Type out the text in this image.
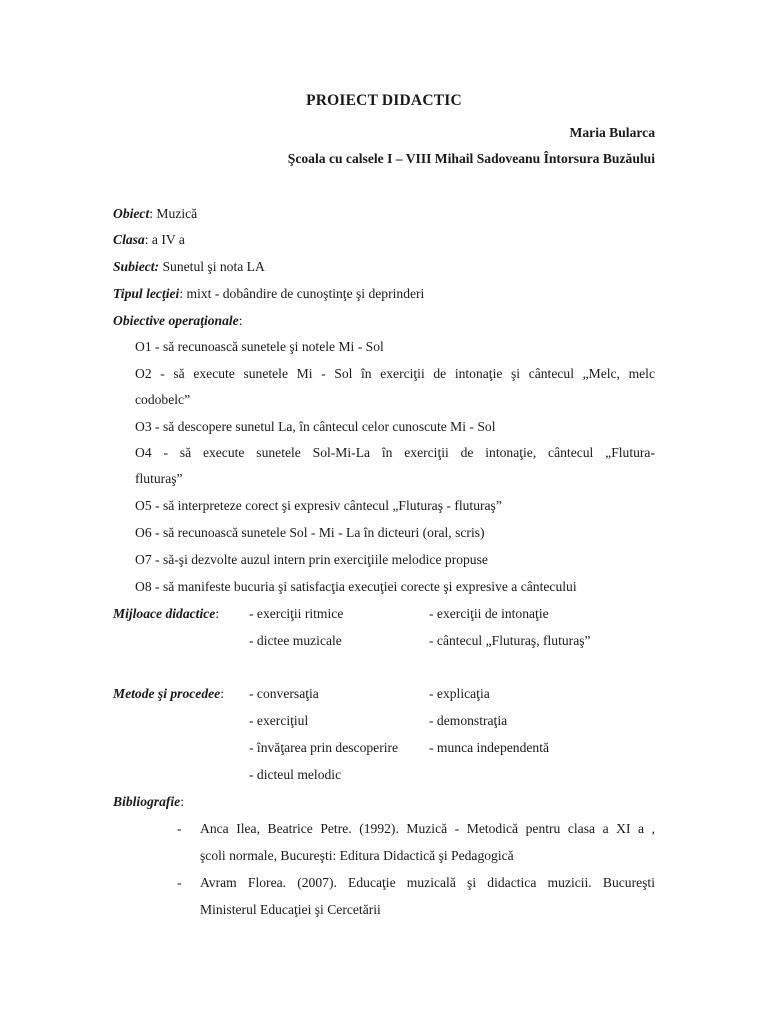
PROIECT DIDACTIC
Maria Bularca
Şcoala cu calsele I – VIII Mihail Sadoveanu Întorsura Buzăului
Obiect: Muzică
Clasa: a IV a
Subiect: Sunetul şi nota LA
Tipul lecţiei: mixt - dobândire de cunoştinţe şi deprinderi
Obiective operaţionale:
O1 - să recunoască sunetele şi notele Mi - Sol
O2 - să execute sunetele Mi - Sol în exerciţii de intonaţie şi cântecul „Melc, melc
codobelc”
O3 - să descopere sunetul La, în cântecul celor cunoscute Mi - Sol
O4 - să execute sunetele Sol-Mi-La în exerciţii de intonaţie, cântecul „Flutura-
fluturaş”
O5 - să interpreteze corect şi expresiv cântecul „Fluturaş - fluturaş”
O6 - să recunoască sunetele Sol - Mi - La în dicteuri (oral, scris)
O7 - să-şi dezvolte auzul intern prin exerciţiile melodice propuse
O8 - să manifeste bucuria şi satisfacţia execuţiei corecte şi expresive a cântecului
Mijloace didactice: - exerciţii ritmice	- exerciţii de intonaţie
- dictee muzicale	- cântecul „Fluturaş, fluturaş”
Metode şi procedee: - conversaţia	- explicaţia
- exerciţiul	- demonstraţia
- învăţarea prin descoperire - munca independentă
- dicteul melodic
Bibliografie:
- Anca Ilea, Beatrice Petre. (1992). Muzică - Metodică pentru clasa a XI a ,
şcoli normale, Bucureşti: Editura Didactică şi Pedagogică
- Avram Florea. (2007). Educaţie muzicală şi didactica muzicii. Bucureşti
Ministerul Educaţiei şi Cercetării
